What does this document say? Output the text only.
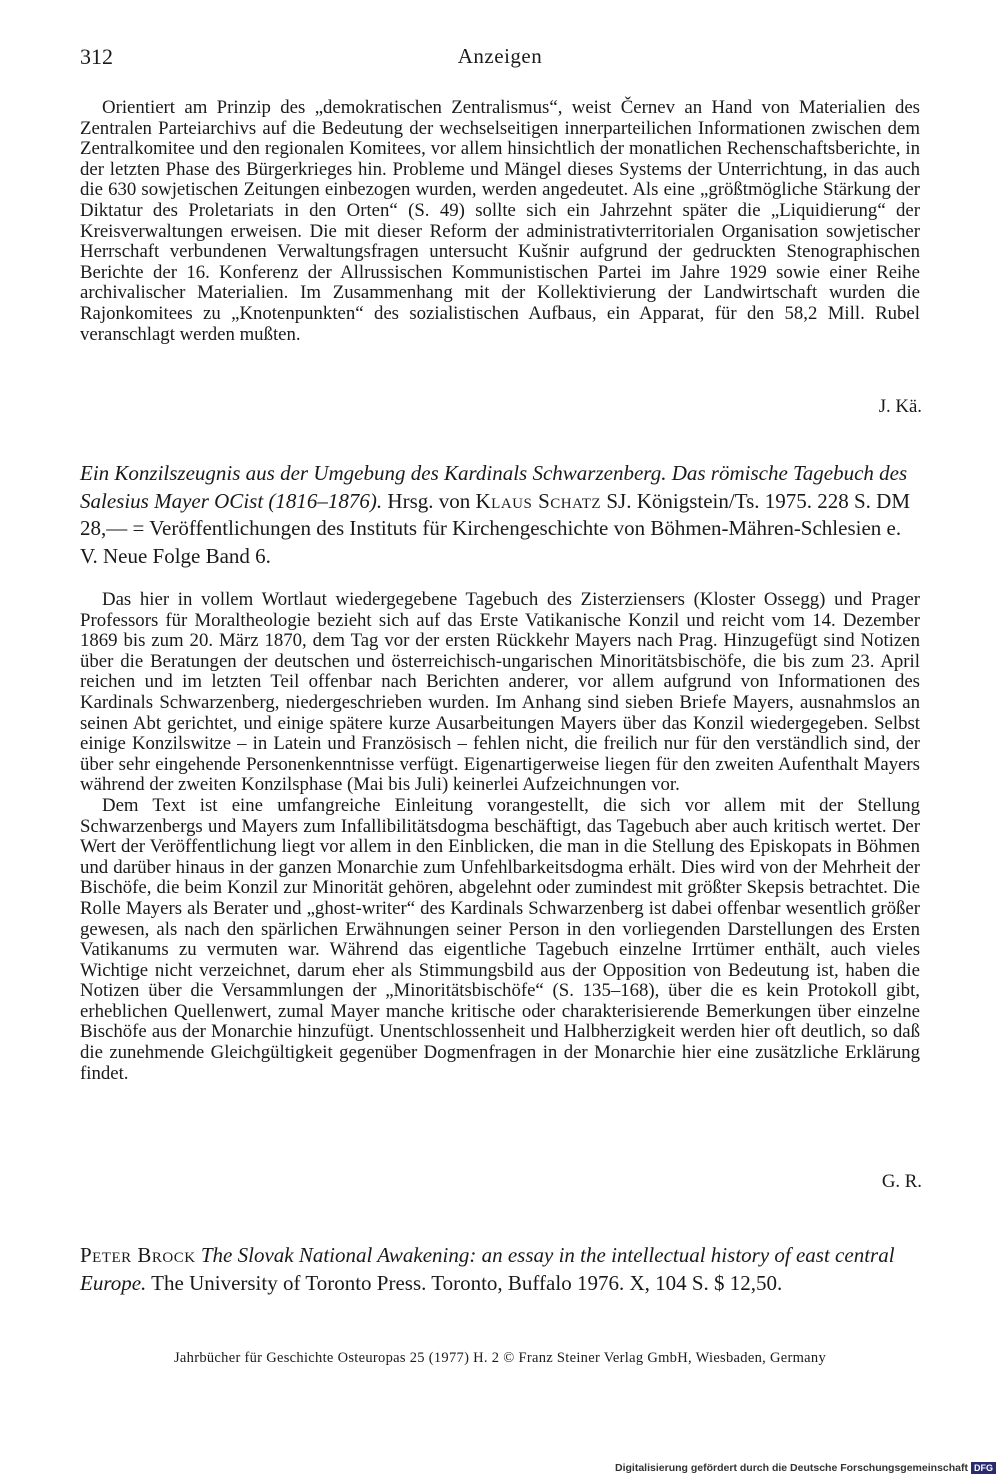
312	Anzeigen

Orientiert am Prinzip des „demokratischen Zentralismus“, weist Černev an Hand von Materialien des Zentralen Parteiarchivs auf die Bedeutung der wechselseitigen innerparteilichen Informationen zwischen dem Zentralkomitee und den regionalen Komitees, vor allem hinsichtlich der monatlichen Rechenschaftsberichte, in der letzten Phase des Bürgerkrieges hin. Probleme und Mängel dieses Systems der Unterrichtung, in das auch die 630 sowjetischen Zeitungen einbezogen wurden, werden angedeutet. Als eine „größtmögliche Stärkung der Diktatur des Proletariats in den Orten“ (S. 49) sollte sich ein Jahrzehnt später die „Liquidierung“ der Kreisverwaltungen erweisen. Die mit dieser Reform der administrativterritorialen Organisation sowjetischer Herrschaft verbundenen Verwaltungsfragen untersucht Kušnir aufgrund der gedruckten Stenographischen Berichte der 16. Konferenz der Allrussischen Kommunistischen Partei im Jahre 1929 sowie einer Reihe archivalischer Materialien. Im Zusammenhang mit der Kollektivierung der Landwirtschaft wurden die Rajonkomitees zu „Knotenpunkten“ des sozialistischen Aufbaus, ein Apparat, für den 58,2 Mill. Rubel veranschlagt werden mußten.

J. Kä.
Ein Konzilszeugnis aus der Umgebung des Kardinals Schwarzenberg. Das römische Tagebuch des Salesius Mayer OCist (1816–1876). Hrsg. von Klaus Schatz SJ. Königstein/Ts. 1975. 228 S. DM 28,— = Veröffentlichungen des Instituts für Kirchengeschichte von Böhmen-Mähren-Schlesien e. V. Neue Folge Band 6.

Das hier in vollem Wortlaut wiedergegebene Tagebuch des Zisterziensers (Kloster Ossegg) und Prager Professors für Moraltheologie bezieht sich auf das Erste Vatikanische Konzil und reicht vom 14. Dezember 1869 bis zum 20. März 1870, dem Tag vor der ersten Rückkehr Mayers nach Prag. Hinzugefügt sind Notizen über die Beratungen der deutschen und österreichisch-ungarischen Minoritätsbischöfe, die bis zum 23. April reichen und im letzten Teil offenbar nach Berichten anderer, vor allem aufgrund von Informationen des Kardinals Schwarzenberg, niedergeschrieben wurden. Im Anhang sind sieben Briefe Mayers, ausnahmslos an seinen Abt gerichtet, und einige spätere kurze Ausarbeitungen Mayers über das Konzil wiedergegeben. Selbst einige Konzilswitze – in Latein und Französisch – fehlen nicht, die freilich nur für den verständlich sind, der über sehr eingehende Personenkenntnisse verfügt. Eigenartigerweise liegen für den zweiten Aufenthalt Mayers während der zweiten Konzilsphase (Mai bis Juli) keinerlei Aufzeichnungen vor.

Dem Text ist eine umfangreiche Einleitung vorangestellt, die sich vor allem mit der Stellung Schwarzenbergs und Mayers zum Infallibilitätsdogma beschäftigt, das Tagebuch aber auch kritisch wertet. Der Wert der Veröffentlichung liegt vor allem in den Einblicken, die man in die Stellung des Episkopats in Böhmen und darüber hinaus in der ganzen Monarchie zum Unfehlbarkeitsdogma erhält. Dies wird von der Mehrheit der Bischöfe, die beim Konzil zur Minorität gehören, abgelehnt oder zumindest mit größter Skepsis betrachtet. Die Rolle Mayers als Berater und „ghost-writer“ des Kardinals Schwarzenberg ist dabei offenbar wesentlich größer gewesen, als nach den spärlichen Erwähnungen seiner Person in den vorliegenden Darstellungen des Ersten Vatikanums zu vermuten war. Während das eigentliche Tagebuch einzelne Irrtümer enthält, auch vieles Wichtige nicht verzeichnet, darum eher als Stimmungsbild aus der Opposition von Bedeutung ist, haben die Notizen über die Versammlungen der „Minoritätsbischöfe“ (S. 135–168), über die es kein Protokoll gibt, erheblichen Quellenwert, zumal Mayer manche kritische oder charakterisierende Bemerkungen über einzelne Bischöfe aus der Monarchie hinzufügt. Unentschlossenheit und Halbherzigkeit werden hier oft deutlich, so daß die zunehmende Gleichgültigkeit gegenüber Dogmenfragen in der Monarchie hier eine zusätzliche Erklärung findet.

G. R.
Peter Brock The Slovak National Awakening: an essay in the intellectual history of east central Europe. The University of Toronto Press. Toronto, Buffalo 1976. X, 104 S. $ 12,50.
Jahrbücher für Geschichte Osteuropas 25 (1977) H. 2 © Franz Steiner Verlag GmbH, Wiesbaden, Germany
Digitalisierung gefördert durch die Deutsche Forschungsgemeinschaft DFG
